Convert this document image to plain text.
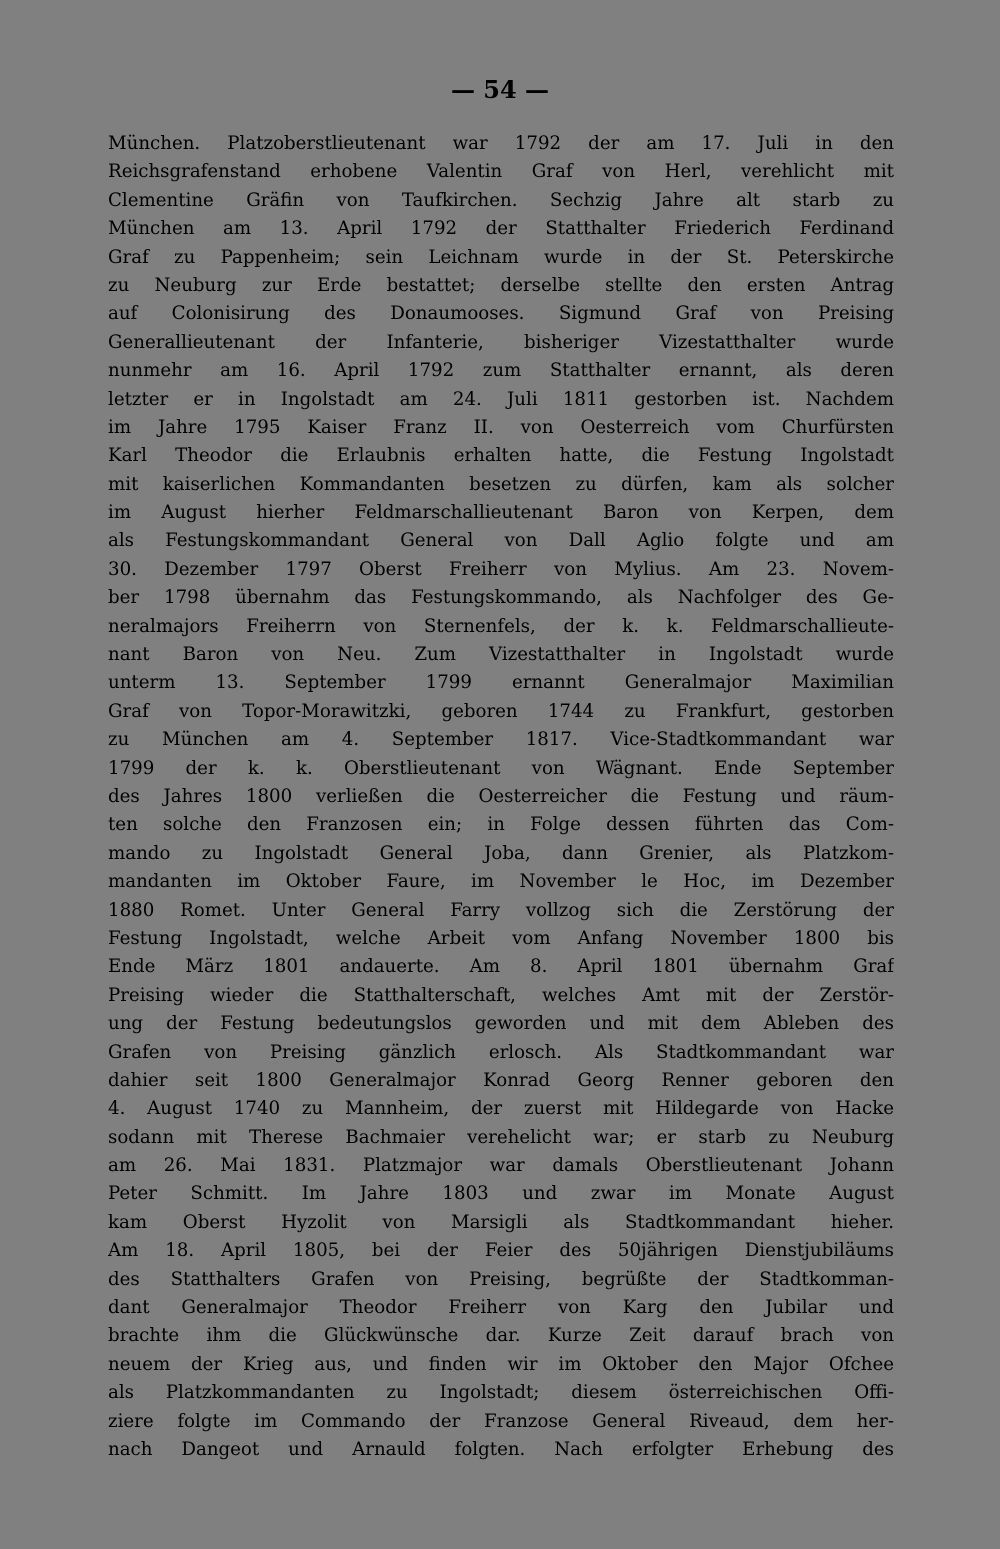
— 54 —
München. Platzoberstlieutenant war 1792 der am 17. Juli in den
Reichsgrafenstand erhobene Valentin Graf von Herl, verehlicht mit
Clementine Gräfin von Taufkirchen. Sechzig Jahre alt starb zu
München am 13. April 1792 der Statthalter Friederich Ferdinand
Graf zu Pappenheim; sein Leichnam wurde in der St. Peterskirche
zu Neuburg zur Erde bestattet; derselbe stellte den ersten Antrag
auf Colonisirung des Donaumooses. Sigmund Graf von Preising
Generallieutenant der Infanterie, bisheriger Vizestatthalter wurde
nunmehr am 16. April 1792 zum Statthalter ernannt, als deren
letzter er in Ingolstadt am 24. Juli 1811 gestorben ist. Nachdem
im Jahre 1795 Kaiser Franz II. von Oesterreich vom Churfürsten
Karl Theodor die Erlaubnis erhalten hatte, die Festung Ingolstadt
mit kaiserlichen Kommandanten besetzen zu dürfen, kam als solcher
im August hierher Feldmarschallieutenant Baron von Kerpen, dem
als Festungskommandant General von Dall Aglio folgte und am
30. Dezember 1797 Oberst Freiherr von Mylius. Am 23. Novem-
ber 1798 übernahm das Festungskommando, als Nachfolger des Ge-
neralmajors Freiherrn von Sternenfels, der k. k. Feldmarschallieute-
nant Baron von Neu. Zum Vizestatthalter in Ingolstadt wurde
unterm 13. September 1799 ernannt Generalmajor Maximilian
Graf von Topor-Morawitzki, geboren 1744 zu Frankfurt, gestorben
zu München am 4. September 1817. Vice-Stadtkommandant war
1799 der k. k. Oberstlieutenant von Wägnant. Ende September
des Jahres 1800 verließen die Oesterreicher die Festung und räum-
ten solche den Franzosen ein; in Folge dessen führten das Com-
mando zu Ingolstadt General Joba, dann Grenier, als Platzkom-
mandanten im Oktober Faure, im November le Hoc, im Dezember
1880 Romet. Unter General Farry vollzog sich die Zerstörung der
Festung Ingolstadt, welche Arbeit vom Anfang November 1800 bis
Ende März 1801 andauerte. Am 8. April 1801 übernahm Graf
Preising wieder die Statthalterschaft, welches Amt mit der Zerstör-
ung der Festung bedeutungslos geworden und mit dem Ableben des
Grafen von Preising gänzlich erlosch. Als Stadtkommandant war
dahier seit 1800 Generalmajor Konrad Georg Renner geboren den
4. August 1740 zu Mannheim, der zuerst mit Hildegarde von Hacke
sodann mit Therese Bachmaier verehelicht war; er starb zu Neuburg
am 26. Mai 1831. Platzmajor war damals Oberstlieutenant Johann
Peter Schmitt. Im Jahre 1803 und zwar im Monate August
kam Oberst Hyzolit von Marsigli als Stadtkommandant hieher.
Am 18. April 1805, bei der Feier des 50jährigen Dienstjubiläums
des Statthalters Grafen von Preising, begrüßte der Stadtkomman-
dant Generalmajor Theodor Freiherr von Karg den Jubilar und
brachte ihm die Glückwünsche dar. Kurze Zeit darauf brach von
neuem der Krieg aus, und finden wir im Oktober den Major Ofchee
als Platzkommandanten zu Ingolstadt; diesem österreichischen Offi-
ziere folgte im Commando der Franzose General Riveaud, dem her-
nach Dangeot und Arnauld folgten. Nach erfolgter Erhebung des
